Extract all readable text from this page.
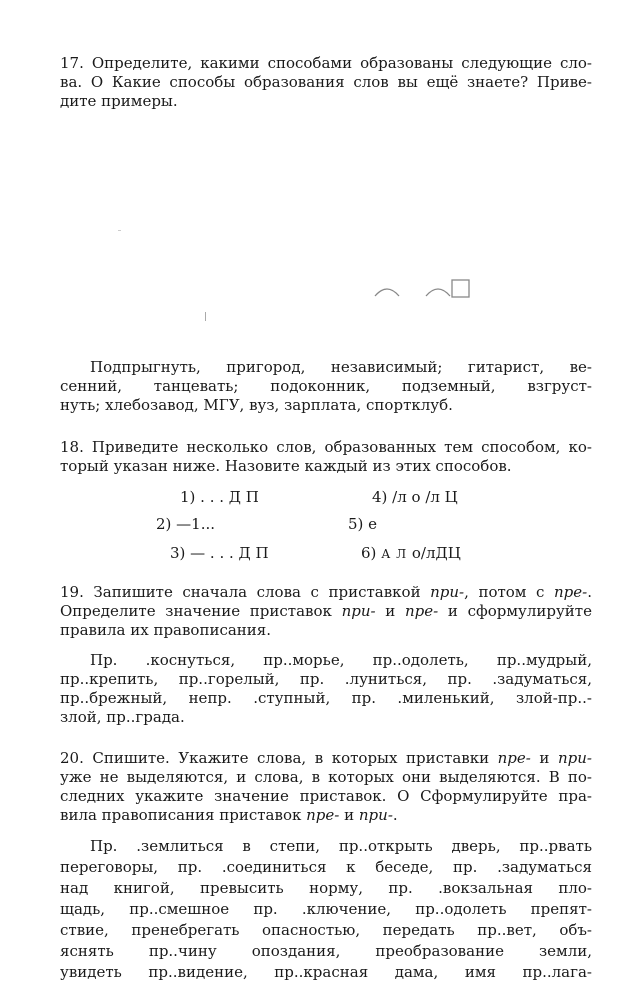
17. Определите, какими способами образованы следующие сло-
ва. О Какие способы образования слов вы ещё знаете? Приве-
дите примеры.
Подпрыгнуть, пригород, независимый; гитарист, ве-
сенний, танцевать; подоконник, подземный, взгруст-
нуть; хлебозавод, МГУ, вуз, зарплата, спортклуб.
18. Приведите несколько слов, образованных тем способом, ко-
торый указан ниже. Назовите каждый из этих способов.
1) . . . Д П	4) /л о /л Ц
2) —1...	5) е
3) — . . . Д П	6) А Л о/лДЦ
19. Запишите сначала слова с приставкой при-, потом с пре-.
Определите значение приставок при- и пре- и сформулируйте
правила их правописания.
Пр. .коснуться, пр..морье, пр..одолеть, пр..мудрый,
пр..крепить, пр..горелый, пр. .луниться, пр. .задуматься,
пр..брежный, непр. .ступный, пр. .миленький, злой-пр..-
злой, пр..града.
20. Спишите. Укажите слова, в которых приставки пре- и при-
уже не выделяются, и слова, в которых они выделяются. В по-
следних укажите значение приставок. О Сформулируйте пра-
вила правописания приставок пре- и при-.
Пр. .землиться в степи, пр..открыть дверь, пр..рвать
переговоры, пр. .соединиться к беседе, пр. .задуматься
над книгой, превысить норму, пр. .вокзальная пло-
щадь, пр..смешное пр. .ключение, пр..одолеть препят-
ствие, пренебрегать опасностью, передать пр..вет, объ-
яснять пр..чину опоздания, преобразование земли,
увидеть пр..видение, пр..красная дама, имя пр..лага-
